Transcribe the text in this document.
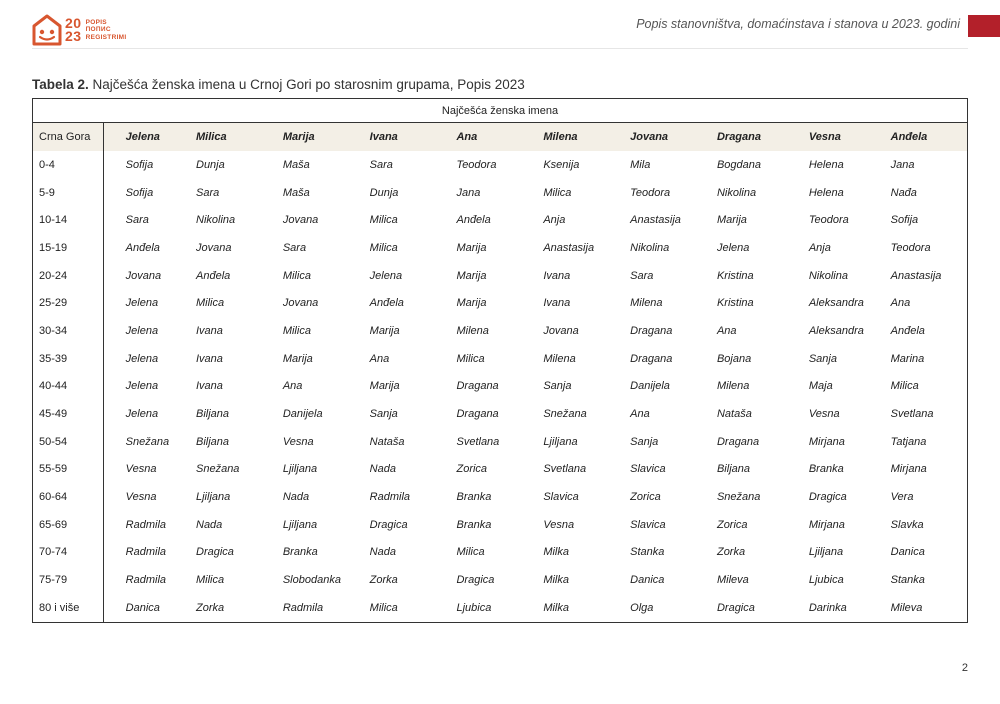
20
23
POPIS
ПОПИС
REGISTRIMI
Popis stanovništva, domaćinstava i stanova u 2023. godini
Tabela 2. Najčešća ženska imena u Crnoj Gori po starosnim grupama, Popis 2023
Najčešća ženska imena										
Crna Gora	Jelena	Milica	Marija	Ivana	Ana	Milena	Jovana	Dragana	Vesna	Anđela
0-4	Sofija	Dunja	Maša	Sara	Teodora	Ksenija	Mila	Bogdana	Helena	Jana
5-9	Sofija	Sara	Maša	Dunja	Jana	Milica	Teodora	Nikolina	Helena	Nađa
10-14	Sara	Nikolina	Jovana	Milica	Anđela	Anja	Anastasija	Marija	Teodora	Sofija
15-19	Anđela	Jovana	Sara	Milica	Marija	Anastasija	Nikolina	Jelena	Anja	Teodora
20-24	Jovana	Anđela	Milica	Jelena	Marija	Ivana	Sara	Kristina	Nikolina	Anastasija
25-29	Jelena	Milica	Jovana	Anđela	Marija	Ivana	Milena	Kristina	Aleksandra	Ana
30-34	Jelena	Ivana	Milica	Marija	Milena	Jovana	Dragana	Ana	Aleksandra	Anđela
35-39	Jelena	Ivana	Marija	Ana	Milica	Milena	Dragana	Bojana	Sanja	Marina
40-44	Jelena	Ivana	Ana	Marija	Dragana	Sanja	Danijela	Milena	Maja	Milica
45-49	Jelena	Biljana	Danijela	Sanja	Dragana	Snežana	Ana	Nataša	Vesna	Svetlana
50-54	Snežana	Biljana	Vesna	Nataša	Svetlana	Ljiljana	Sanja	Dragana	Mirjana	Tatjana
55-59	Vesna	Snežana	Ljiljana	Nada	Zorica	Svetlana	Slavica	Biljana	Branka	Mirjana
60-64	Vesna	Ljiljana	Nada	Radmila	Branka	Slavica	Zorica	Snežana	Dragica	Vera
65-69	Radmila	Nada	Ljiljana	Dragica	Branka	Vesna	Slavica	Zorica	Mirjana	Slavka
70-74	Radmila	Dragica	Branka	Nada	Milica	Milka	Stanka	Zorka	Ljiljana	Danica
75-79	Radmila	Milica	Slobodanka	Zorka	Dragica	Milka	Danica	Mileva	Ljubica	Stanka
80 i više	Danica	Zorka	Radmila	Milica	Ljubica	Milka	Olga	Dragica	Darinka	Mileva
2
